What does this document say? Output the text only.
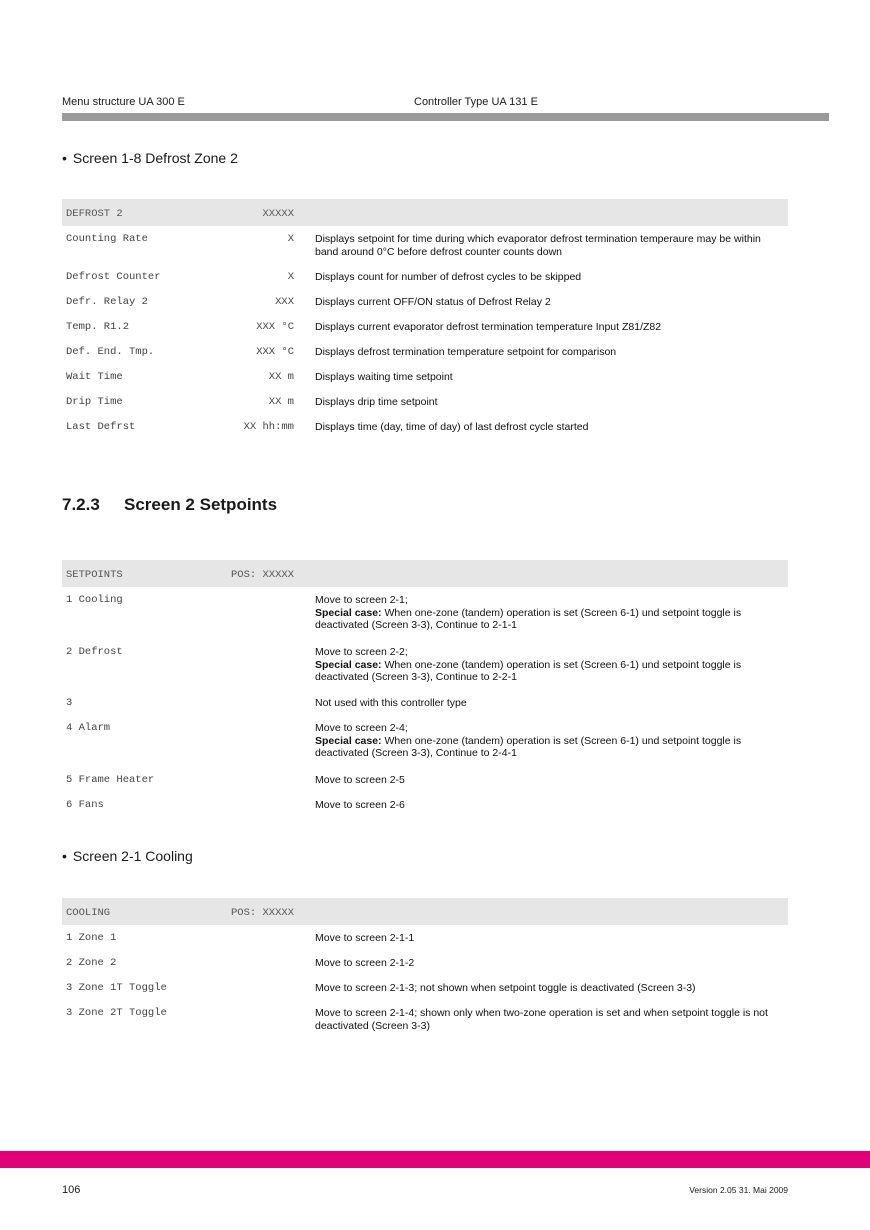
Menu structure UA 300 E	Controller Type UA 131 E
• Screen 1-8 Defrost Zone 2
DEFROST 2	XXXXX
Counting Rate	X Displays setpoint for time during which evaporator defrost termination temperaure may be within band around 0°C before defrost counter counts down
Defrost Counter	X Displays count for number of defrost cycles to be skipped
Defr. Relay 2	XXX Displays current OFF/ON status of Defrost Relay 2
Temp. R1.2	XXX °C Displays current evaporator defrost termination temperature Input Z81/Z82
Def. End. Tmp.	XXX °C Displays defrost termination temperature setpoint for comparison
Wait Time	XX m Displays waiting time setpoint
Drip Time	XX m Displays drip time setpoint
Last Defrst	XX hh:mm Displays time (day, time of day) of last defrost cycle started
7.2.3 Screen 2 Setpoints
SETPOINTS	POS: XXXXX
1 Cooling	Move to screen 2-1;
Special case: When one-zone (tandem) operation is set (Screen 6-1) und setpoint toggle is deactivated (Screen 3-3), Continue to 2-1-1
2 Defrost	Move to screen 2-2;
Special case: When one-zone (tandem) operation is set (Screen 6-1) und setpoint toggle is deactivated (Screen 3-3), Continue to 2-2-1
3	Not used with this controller type
4 Alarm	Move to screen 2-4;
Special case: When one-zone (tandem) operation is set (Screen 6-1) und setpoint toggle is deactivated (Screen 3-3), Continue to 2-4-1
5 Frame Heater	Move to screen 2-5
6 Fans	Move to screen 2-6
• Screen 2-1 Cooling
COOLING	POS: XXXXX
1 Zone 1	Move to screen 2-1-1
2 Zone 2	Move to screen 2-1-2
3 Zone 1T Toggle	Move to screen 2-1-3; not shown when setpoint toggle is deactivated (Screen 3-3)
3 Zone 2T Toggle	Move to screen 2-1-4; shown only when two-zone operation is set and when setpoint toggle is not deactivated (Screen 3-3)
106	Version 2.05 31. Mai 2009
